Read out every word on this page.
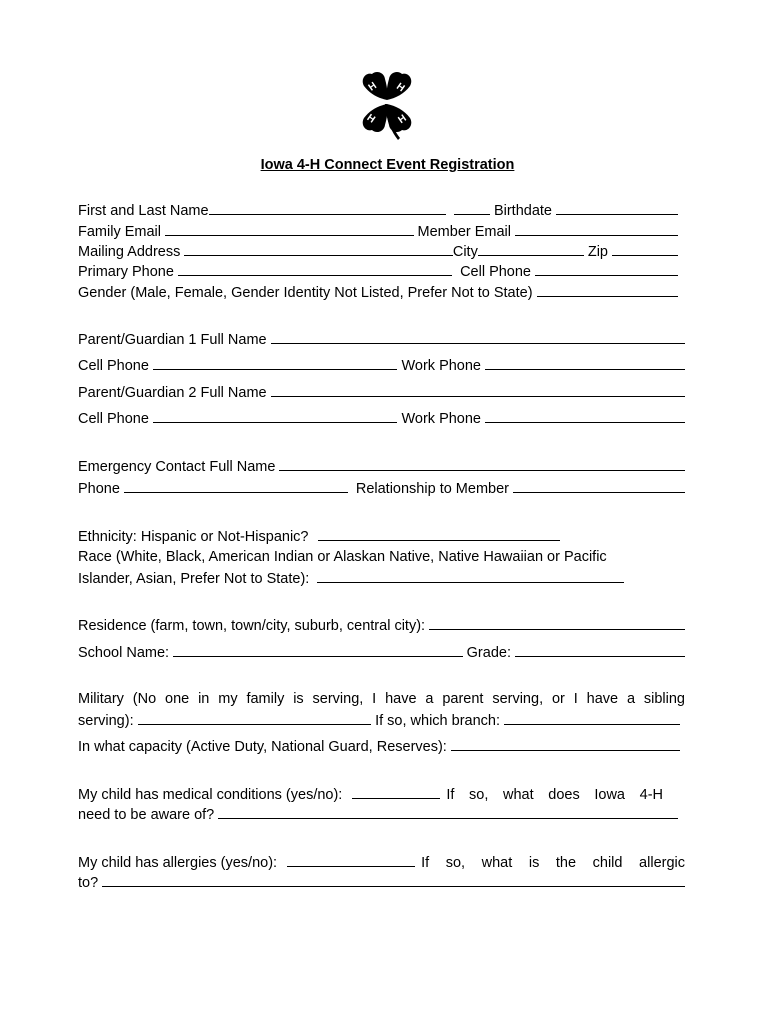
H H
H H
Iowa 4-H Connect Event Registration
First and Last Name	Birthdate
Family Email	Member Email
Mailing Address	City	Zip
Primary Phone	Cell Phone
Gender (Male, Female, Gender Identity Not Listed, Prefer Not to State)
Parent/Guardian 1 Full Name
Cell Phone	Work Phone
Parent/Guardian 2 Full Name
Cell Phone	Work Phone
Emergency Contact Full Name
Phone	Relationship to Member
Ethnicity: Hispanic or Not-Hispanic?
Race (White, Black, American Indian or Alaskan Native, Native Hawaiian or Pacific
Islander, Asian, Prefer Not to State):
Residence (farm, town, town/city, suburb, central city):
School Name:	Grade:
Military (No one in my family is serving, I have a parent serving, or I have a sibling
serving):	If so, which branch:
In what capacity (Active Duty, National Guard, Reserves):
My child has medical conditions (yes/no):	If so, what does Iowa 4-H
need to be aware of?
My child has allergies (yes/no):	If so, what is the child allergic
to?
